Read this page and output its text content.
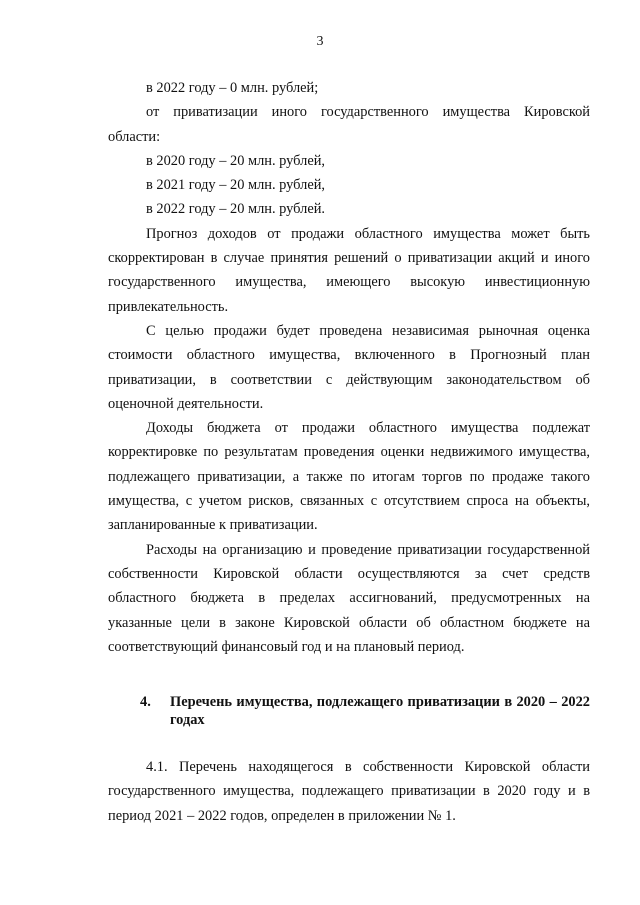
3

в 2022 году – 0 млн. рублей;

от приватизации иного государственного имущества Кировской области:

в 2020 году – 20 млн. рублей,

в 2021 году – 20 млн. рублей,

в 2022 году – 20 млн. рублей.

Прогноз доходов от продажи областного имущества может быть скорректирован в случае принятия решений о приватизации акций и иного государственного имущества, имеющего высокую инвестиционную привлекательность.

С целью продажи будет проведена независимая рыночная оценка стоимости областного имущества, включенного в Прогнозный план приватизации, в соответствии с действующим законодательством об оценочной деятельности.

Доходы бюджета от продажи областного имущества подлежат корректировке по результатам проведения оценки недвижимого имущества, подлежащего приватизации, а также по итогам торгов по продаже такого имущества, с учетом рисков, связанных с отсутствием спроса на объекты, запланированные к приватизации.

Расходы на организацию и проведение приватизации государственной собственности Кировской области осуществляются за счет средств областного бюджета в пределах ассигнований, предусмотренных на указанные цели в законе Кировской области об областном бюджете на соответствующий финансовый год и на плановый период.

4.	Перечень имущества, подлежащего приватизации в 2020 – 2022 годах

4.1. Перечень находящегося в собственности Кировской области государственного имущества, подлежащего приватизации в 2020 году и в период 2021 – 2022 годов, определен в приложении № 1.
